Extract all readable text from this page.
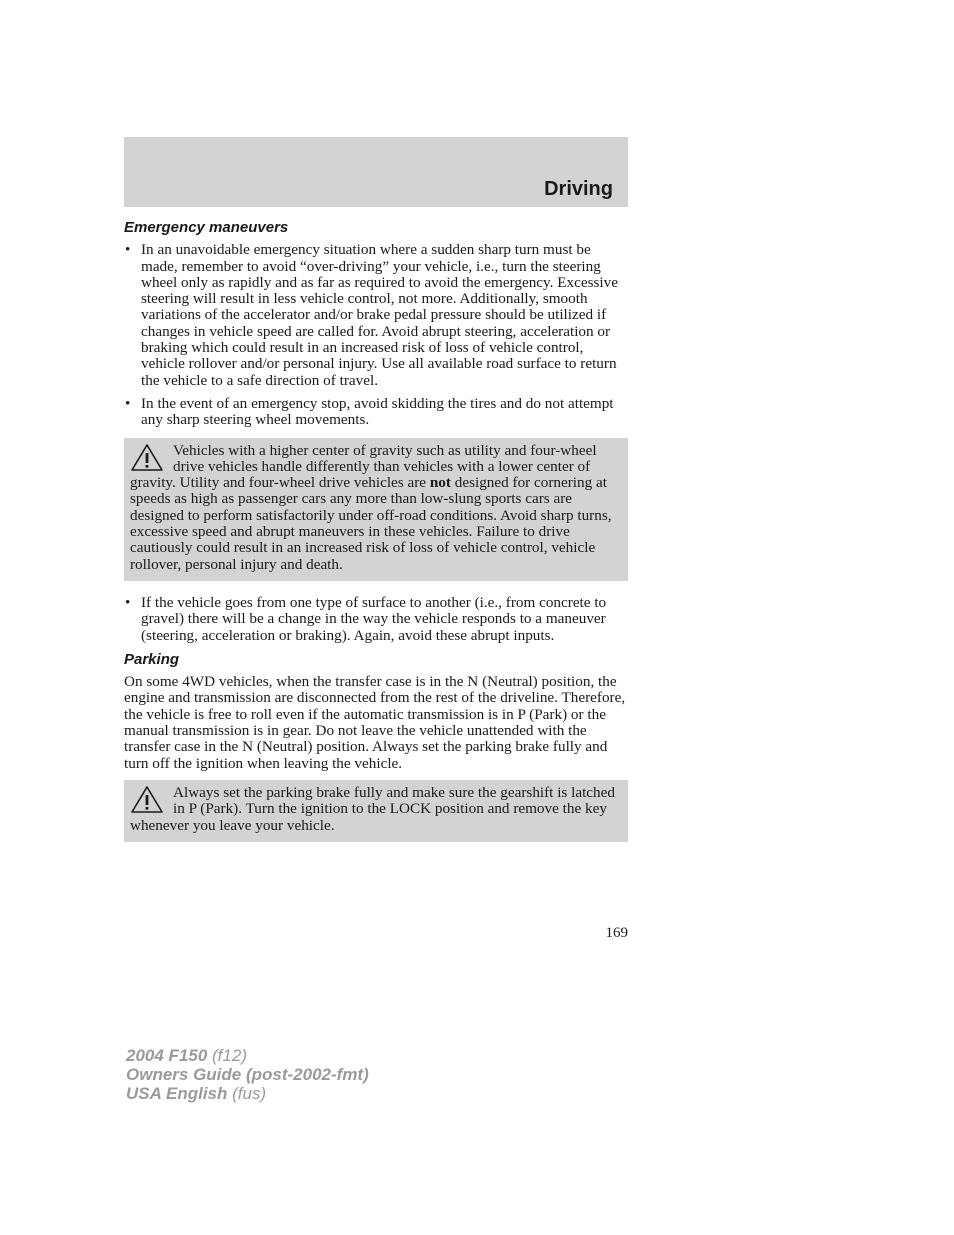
Driving
Emergency maneuvers
• In an unavoidable emergency situation where a sudden sharp turn must be made, remember to avoid “over-driving” your vehicle, i.e., turn the steering wheel only as rapidly and as far as required to avoid the emergency. Excessive steering will result in less vehicle control, not more. Additionally, smooth variations of the accelerator and/or brake pedal pressure should be utilized if changes in vehicle speed are called for. Avoid abrupt steering, acceleration or braking which could result in an increased risk of loss of vehicle control, vehicle rollover and/or personal injury. Use all available road surface to return the vehicle to a safe direction of travel.
• In the event of an emergency stop, avoid skidding the tires and do not attempt any sharp steering wheel movements.

Vehicles with a higher center of gravity such as utility and four-wheel drive vehicles handle differently than vehicles with a lower center of gravity. Utility and four-wheel drive vehicles are not designed for cornering at speeds as high as passenger cars any more than low-slung sports cars are designed to perform satisfactorily under off-road conditions. Avoid sharp turns, excessive speed and abrupt maneuvers in these vehicles. Failure to drive cautiously could result in an increased risk of loss of vehicle control, vehicle rollover, personal injury and death.

• If the vehicle goes from one type of surface to another (i.e., from concrete to gravel) there will be a change in the way the vehicle responds to a maneuver (steering, acceleration or braking). Again, avoid these abrupt inputs.
Parking

On some 4WD vehicles, when the transfer case is in the N (Neutral) position, the engine and transmission are disconnected from the rest of the driveline. Therefore, the vehicle is free to roll even if the automatic transmission is in P (Park) or the manual transmission is in gear. Do not leave the vehicle unattended with the transfer case in the N (Neutral) position. Always set the parking brake fully and turn off the ignition when leaving the vehicle.

Always set the parking brake fully and make sure the gearshift is latched in P (Park). Turn the ignition to the LOCK position and remove the key whenever you leave your vehicle.

169
2004 F150 (f12)
Owners Guide (post-2002-fmt)
USA English (fus)
